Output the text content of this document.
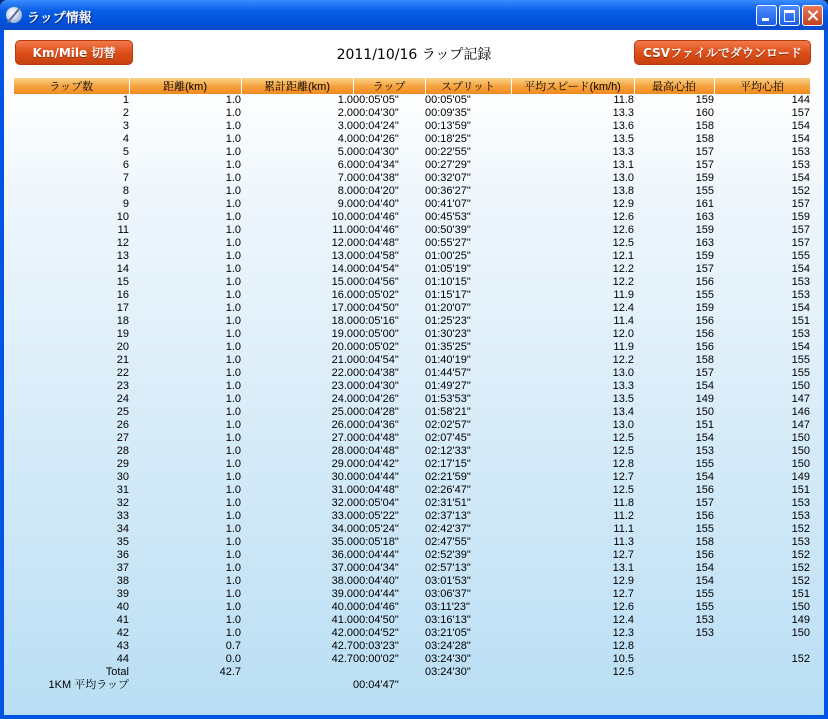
ラップ情報
Km/Mile 切替	2011/10/16 ラップ記録	CSVファイルでダウンロード
ラップ数	距離(km)	累計距離(km)	ラップ	スプリット	平均スピード(km/h)	最高心拍	平均心拍
1	1.0	1.0	00:05'05"	00:05'05"	11.8	159	144
2	1.0	2.0	00:04'30"	00:09'35"	13.3	160	157
3	1.0	3.0	00:04'24"	00:13'59"	13.6	158	154
4	1.0	4.0	00:04'26"	00:18'25"	13.5	158	154
5	1.0	5.0	00:04'30"	00:22'55"	13.3	157	153
6	1.0	6.0	00:04'34"	00:27'29"	13.1	157	153
7	1.0	7.0	00:04'38"	00:32'07"	13.0	159	154
8	1.0	8.0	00:04'20"	00:36'27"	13.8	155	152
9	1.0	9.0	00:04'40"	00:41'07"	12.9	161	157
10	1.0	10.0	00:04'46"	00:45'53"	12.6	163	159
11	1.0	11.0	00:04'46"	00:50'39"	12.6	159	157
12	1.0	12.0	00:04'48"	00:55'27"	12.5	163	157
13	1.0	13.0	00:04'58"	01:00'25"	12.1	159	155
14	1.0	14.0	00:04'54"	01:05'19"	12.2	157	154
15	1.0	15.0	00:04'56"	01:10'15"	12.2	156	153
16	1.0	16.0	00:05'02"	01:15'17"	11.9	155	153
17	1.0	17.0	00:04'50"	01:20'07"	12.4	159	154
18	1.0	18.0	00:05'16"	01:25'23"	11.4	156	151
19	1.0	19.0	00:05'00"	01:30'23"	12.0	156	153
20	1.0	20.0	00:05'02"	01:35'25"	11.9	156	154
21	1.0	21.0	00:04'54"	01:40'19"	12.2	158	155
22	1.0	22.0	00:04'38"	01:44'57"	13.0	157	155
23	1.0	23.0	00:04'30"	01:49'27"	13.3	154	150
24	1.0	24.0	00:04'26"	01:53'53"	13.5	149	147
25	1.0	25.0	00:04'28"	01:58'21"	13.4	150	146
26	1.0	26.0	00:04'36"	02:02'57"	13.0	151	147
27	1.0	27.0	00:04'48"	02:07'45"	12.5	154	150
28	1.0	28.0	00:04'48"	02:12'33"	12.5	153	150
29	1.0	29.0	00:04'42"	02:17'15"	12.8	155	150
30	1.0	30.0	00:04'44"	02:21'59"	12.7	154	149
31	1.0	31.0	00:04'48"	02:26'47"	12.5	156	151
32	1.0	32.0	00:05'04"	02:31'51"	11.8	157	153
33	1.0	33.0	00:05'22"	02:37'13"	11.2	156	153
34	1.0	34.0	00:05'24"	02:42'37"	11.1	155	152
35	1.0	35.0	00:05'18"	02:47'55"	11.3	158	153
36	1.0	36.0	00:04'44"	02:52'39"	12.7	156	152
37	1.0	37.0	00:04'34"	02:57'13"	13.1	154	152
38	1.0	38.0	00:04'40"	03:01'53"	12.9	154	152
39	1.0	39.0	00:04'44"	03:06'37"	12.7	155	151
40	1.0	40.0	00:04'46"	03:11'23"	12.6	155	150
41	1.0	41.0	00:04'50"	03:16'13"	12.4	153	149
42	1.0	42.0	00:04'52"	03:21'05"	12.3	153	150
43	0.7	42.7	00:03'23"	03:24'28"	12.8		
44	0.0	42.7	00:00'02"	03:24'30"	10.5		152
Total	42.7			03:24'30"	12.5		
1KM 平均ラップ			00:04'47"				
